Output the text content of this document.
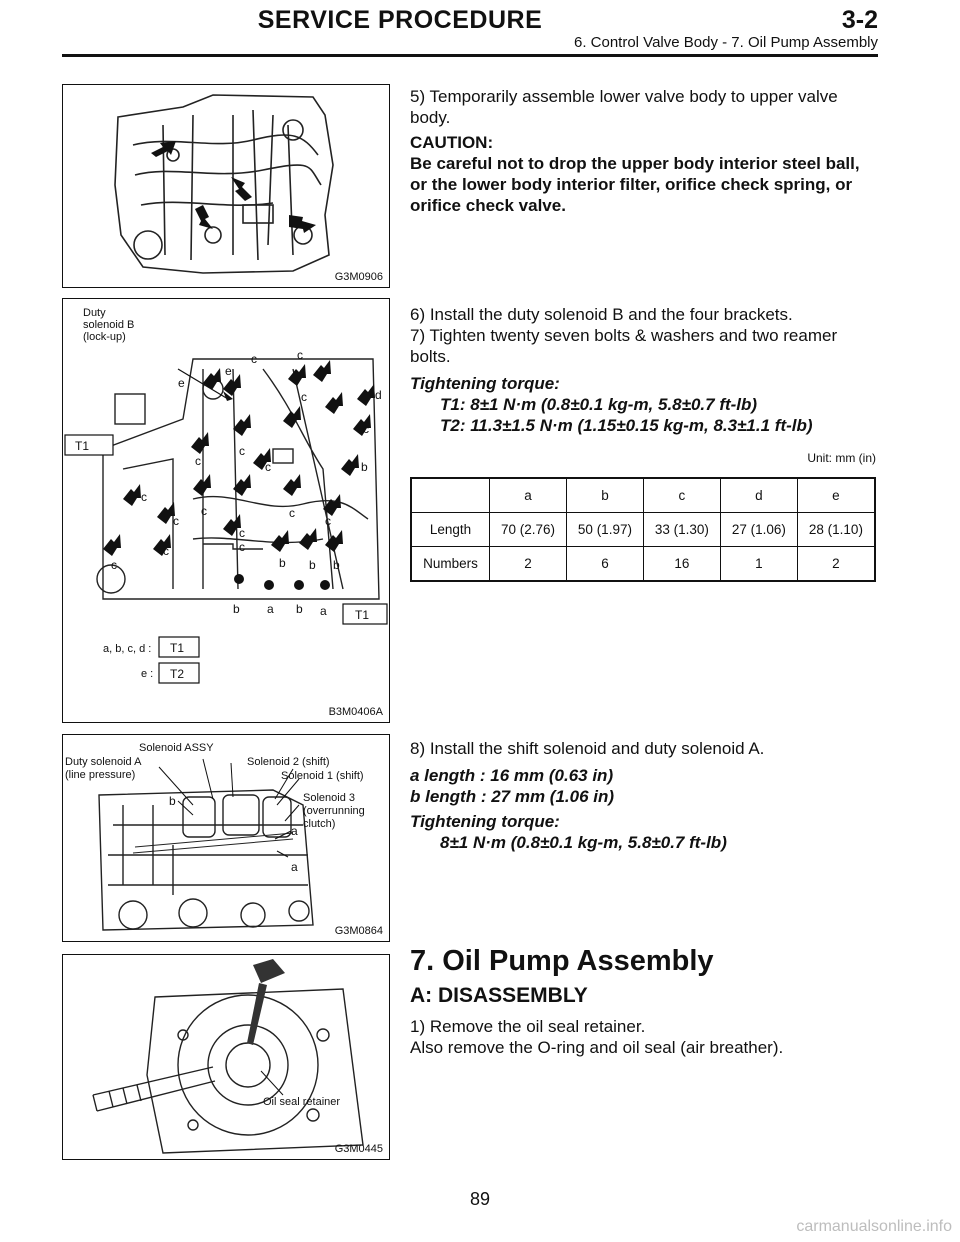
SERVICE PROCEDURE	3-2
6. Control Valve Body - 7. Oil Pump Assembly
G3M0906

5) Temporarily assemble lower valve body to upper valve body.

CAUTION:

Be careful not to drop the upper body interior steel ball, or the lower body interior filter, orifice check spring, or orifice check valve.

Duty
solenoid B
(lock-up)
e
e
c	c
c	d
c
b
c
c
c
c
c
c
c
c
c
c
c
c	b b b
b a b a
T1
T1
a, b, c, d : T1
e : T2
B3M0406A

6) Install the duty solenoid B and the four brackets.

7) Tighten twenty seven bolts & washers and two reamer bolts.

Tightening torque:

T1: 8±1 N·m (0.8±0.1 kg-m, 5.8±0.7 ft-lb)

T2: 11.3±1.5 N·m (1.15±0.15 kg-m, 8.3±1.1 ft-lb)

Unit: mm (in)
	a	b	c	d	e
Length	70 (2.76)	50 (1.97)	33 (1.30)	27 (1.06)	28 (1.10)
Numbers	2	6	16	1	2
Solenoid ASSY
Duty solenoid A
(line pressure)
Solenoid 2 (shift)
Solenoid 1 (shift)
Solenoid 3
(overrunning
clutch)
b
a
a
G3M0864

8) Install the shift solenoid and duty solenoid A.

a length : 16 mm (0.63 in)

b length : 27 mm (1.06 in)

Tightening torque:

8±1 N·m (0.8±0.1 kg-m, 5.8±0.7 ft-lb)

Oil seal retainer
G3M0445
7. Oil Pump Assembly
A: DISASSEMBLY

1) Remove the oil seal retainer.

Also remove the O-ring and oil seal (air breather).

89
carmanualsonline.info
